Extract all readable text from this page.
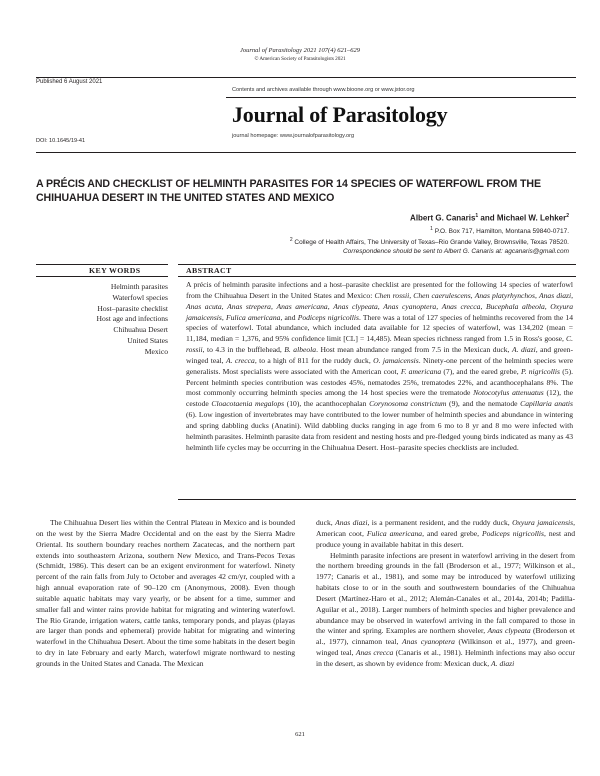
Journal of Parasitology 2021 107(4) 621–629
© American Society of Parasitologists 2021
Published 6 August 2021
DOI: 10.1645/19-41
Contents and archives available through www.bioone.org or www.jstor.org
Journal of Parasitology
journal homepage: www.journalofparasitology.org
A PRÉCIS AND CHECKLIST OF HELMINTH PARASITES FOR 14 SPECIES OF WATERFOWL FROM THE CHIHUAHUA DESERT IN THE UNITED STATES AND MEXICO
Albert G. Canaris$^1$ and Michael W. Lehker$^2$
$^1$ P.O. Box 717, Hamilton, Montana 59840-0717.
$^2$ College of Health Affairs, The University of Texas–Rio Grande Valley, Brownsville, Texas 78520.
Correspondence should be sent to Albert G. Canaris at: agcanaris@gmail.com
KEY WORDS	ABSTRACT
Helminth parasites
Waterfowl species
Host–parasite checklist
Host age and infections
Chihuahua Desert
United States
Mexico
A précis of helminth parasite infections and a host–parasite checklist are presented for the following 14 species of waterfowl from the Chihuahua Desert in the United States and Mexico: Chen rossii, Chen caerulescens, Anas platyrhynchos, Anas diazi, Anas acuta, Anas strepera, Anas americana, Anas clypeata, Anas cyanoptera, Anas crecca, Bucephala albeola, Oxyura jamaicensis, Fulica americana, and Podiceps nigricollis. There was a total of 127 species of helminths recovered from the 14 species of waterfowl. Total abundance, which included data available for 12 species of waterfowl, was 134,202 (mean = 11,184, median = 1,376, and 95% confidence limit [CL] = 14,485). Mean species richness ranged from 1.5 in Ross's goose, C. rossii, to 4.3 in the bufflehead, B. albeola. Host mean abundance ranged from 7.5 in the Mexican duck, A. diazi, and green-winged teal, A. crecca, to a high of 811 for the ruddy duck, O. jamaicensis. Ninety-one percent of the helminth species were generalists. Most specialists were associated with the American coot, F. americana (7), and the eared grebe, P. nigricollis (5). Percent helminth species contribution was cestodes 45%, nematodes 25%, trematodes 22%, and acanthocephalans 8%. The most commonly occurring helminth species among the 14 host species were the trematode Notocotylus attenuatus (12), the cestode Cloacotaenia megalops (10), the acanthocephalan Corynosoma constrictum (9), and the nematode Capillaria anatis (6). Low ingestion of invertebrates may have contributed to the lower number of helminth species and abundance in wintering and spring dabbling ducks (Anatini). Wild dabbling ducks ranging in age from 6 mo to 8 yr and 8 mo were infected with helminth parasites. Helminth parasite data from resident and nesting hosts and pre-fledged young birds indicated as many as 43 helminth life cycles may be occurring in the Chihuahua Desert. Host–parasite species checklists are included.

The Chihuahua Desert lies within the Central Plateau in Mexico and is bounded on the west by the Sierra Madre Occidental and on the east by the Sierra Madre Oriental. Its southern boundary reaches northern Zacatecas, and the northern part extends into southeastern Arizona, southern New Mexico, and Trans-Pecos Texas (Schmidt, 1986). This desert can be an exigent environment for waterfowl. Ninety percent of the rain falls from July to October and averages 42 cm/yr, coupled with a high annual evaporation rate of 90–120 cm (Anonymous, 2008). Even though suitable aquatic habitats may vary yearly, or be absent for a time, summer and smaller fall and winter rains provide habitat for migrating and wintering waterfowl. The Rio Grande, irrigation waters, cattle tanks, temporary ponds, and playas (playas are larger than ponds and ephemeral) provide habitat for migrating and wintering waterfowl in the Chihuahua Desert. About the time some habitats in the desert begin to dry in late February and early March, waterfowl migrate northward to nesting grounds in the United States and Canada. The Mexican

duck, Anas diazi, is a permanent resident, and the ruddy duck, Oxyura jamaicensis, American coot, Fulica americana, and eared grebe, Podiceps nigricollis, nest and produce young in available habitat in this desert.

Helminth parasite infections are present in waterfowl arriving in the desert from the northern breeding grounds in the fall (Broderson et al., 1977; Wilkinson et al., 1977; Canaris et al., 1981), and some may be introduced by waterfowl utilizing habitats close to or in the south and southwestern boundaries of the Chihuahua Desert (Martínez-Haro et al., 2012; Alemán-Canales et al., 2014a, 2014b; Padilla-Aguilar et al., 2018). Larger numbers of helminth species and higher prevalence and abundance may be observed in waterfowl arriving in the fall compared to those in the winter and spring. Examples are northern shoveler, Anas clypeata (Broderson et al., 1977), cinnamon teal, Anas cyanoptera (Wilkinson et al., 1977), and green-winged teal, Anas crecca (Canaris et al., 1981). Helminth infections may also occur in the desert, as shown by evidence from: Mexican duck, A. diazi

621
